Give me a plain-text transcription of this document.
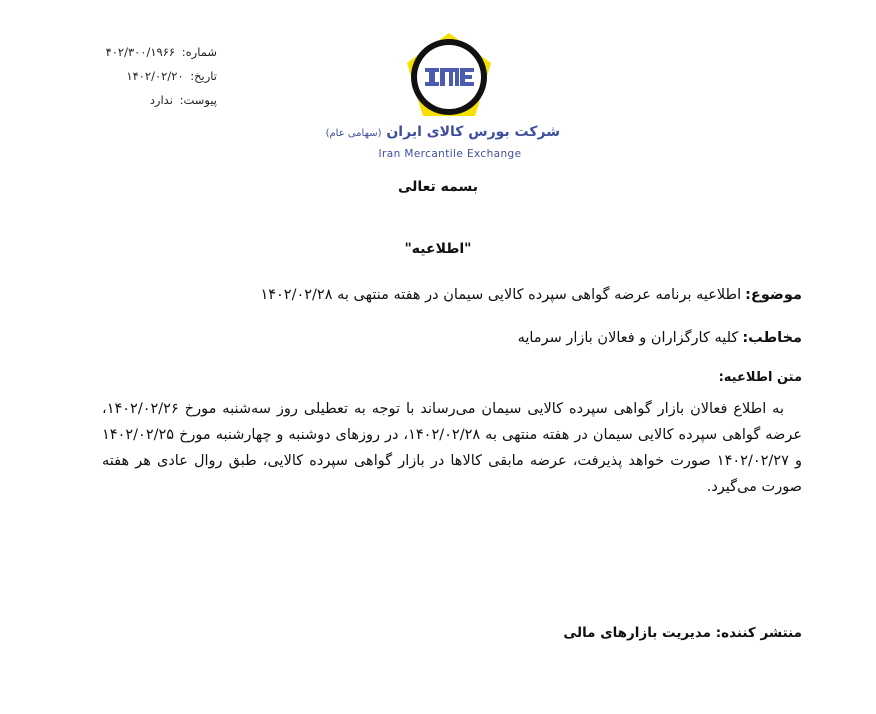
شماره: ۴۰۲/۳۰۰/۱۹۶۶
تاریخ: ۱۴۰۲/۰۲/۲۰
پیوست: ندارد
شرکت بورس کالای ایران (سهامی عام)
Iran Mercantile Exchange
بسمه تعالی
"اطلاعیه"
موضوع:اطلاعیه برنامه عرضه گواهی سپرده کالایی سیمان در هفته منتهی به ۱۴۰۲/۰۲/۲۸
مخاطب:کلیه کارگزاران و فعالان بازار سرمایه
متن اطلاعیه:
به اطلاع فعالان بازار گواهی سپرده کالایی سیمان می‌رساند با توجه به تعطیلی روز سه‌شنبه مورخ ۱۴۰۲/۰۲/۲۶، عرضه گواهی سپرده کالایی سیمان در هفته منتهی به ۱۴۰۲/۰۲/۲۸، در روزهای دوشنبه و چهارشنبه مورخ ۱۴۰۲/۰۲/۲۵ و ۱۴۰۲/۰۲/۲۷ صورت خواهد پذیرفت، عرضه مابقی کالاها در بازار گواهی سپرده کالایی، طبق روال عادی هر هفته صورت می‌گیرد.
منتشر کننده: مدیریت بازارهای مالی
